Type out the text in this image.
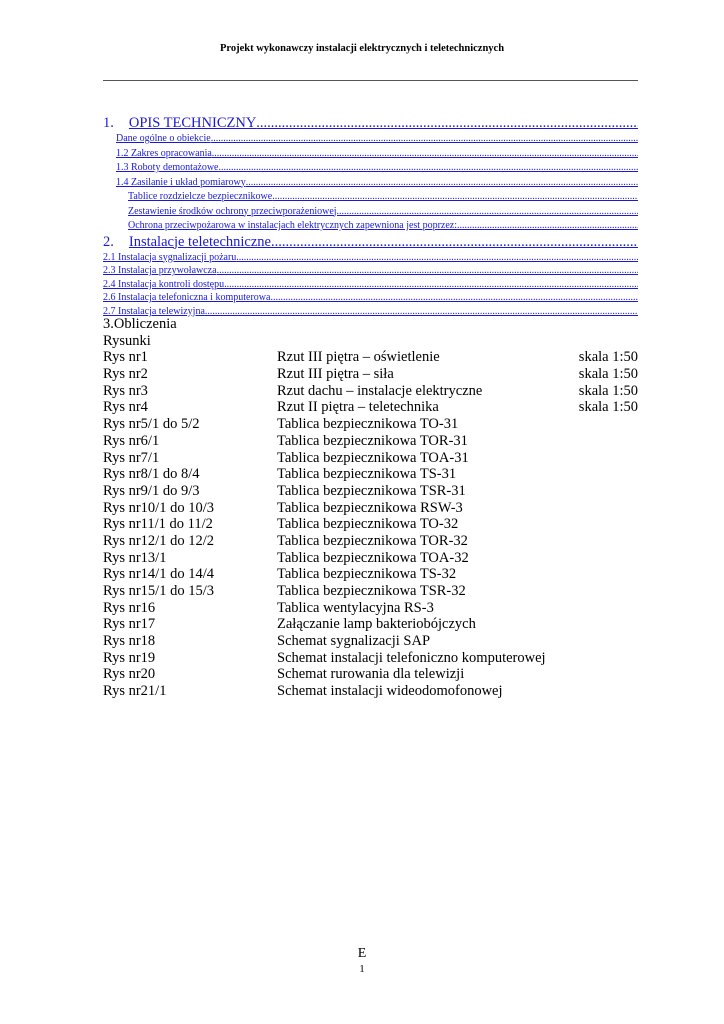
Projekt wykonawczy instalacji elektrycznych i teletechnicznych
1. OPIS TECHNICZNY
.....
Dane ogólne o obiekcie
.....
1.2 Zakres opracowania
.....
1.3 Roboty demontażowe
.....
1.4 Zasilanie i układ pomiarowy
.....
Tablice rozdzielcze bezpiecznikowe
.....
Zestawienie środków ochrony przeciwporażeniowej
.....
Ochrona przeciwpożarowa w instalacjach elektrycznych zapewniona jest poprzez:
.....
2. Instalacje teletechniczne
.....
2.1 Instalacja sygnalizacji pożaru
.....
2.3 Instalacja przywoławcza
.....
2.4 Instalacja kontroli dostępu
.....
2.6 Instalacja telefoniczna i komputerowa
.....
2.7 Instalacja telewizyjna
.....
3.Obliczenia
Rysunki
Rys nr1	Rzut III piętra – oświetlenie	skala 1:50
Rys nr2	Rzut III piętra – siła	skala 1:50
Rys nr3	Rzut dachu – instalacje elektryczne	skala 1:50
Rys nr4	Rzut II piętra – teletechnika	skala 1:50
Rys nr5/1 do 5/2	Tablica bezpiecznikowa TO-31
Rys nr6/1	Tablica bezpiecznikowa TOR-31
Rys nr7/1	Tablica bezpiecznikowa TOA-31
Rys nr8/1 do 8/4	Tablica bezpiecznikowa TS-31
Rys nr9/1 do 9/3	Tablica bezpiecznikowa TSR-31
Rys nr10/1 do 10/3	Tablica bezpiecznikowa RSW-3
Rys nr11/1 do 11/2	Tablica bezpiecznikowa TO-32
Rys nr12/1 do 12/2	Tablica bezpiecznikowa TOR-32
Rys nr13/1	Tablica bezpiecznikowa TOA-32
Rys nr14/1 do 14/4	Tablica bezpiecznikowa TS-32
Rys nr15/1 do 15/3	Tablica bezpiecznikowa TSR-32
Rys nr16	Tablica wentylacyjna RS-3
Rys nr17	Załączanie lamp bakteriobójczych
Rys nr18	Schemat sygnalizacji SAP
Rys nr19	Schemat instalacji telefoniczno komputerowej
Rys nr20	Schemat rurowania dla telewizji
Rys nr21/1	Schemat instalacji wideodomofonowej
E
1
